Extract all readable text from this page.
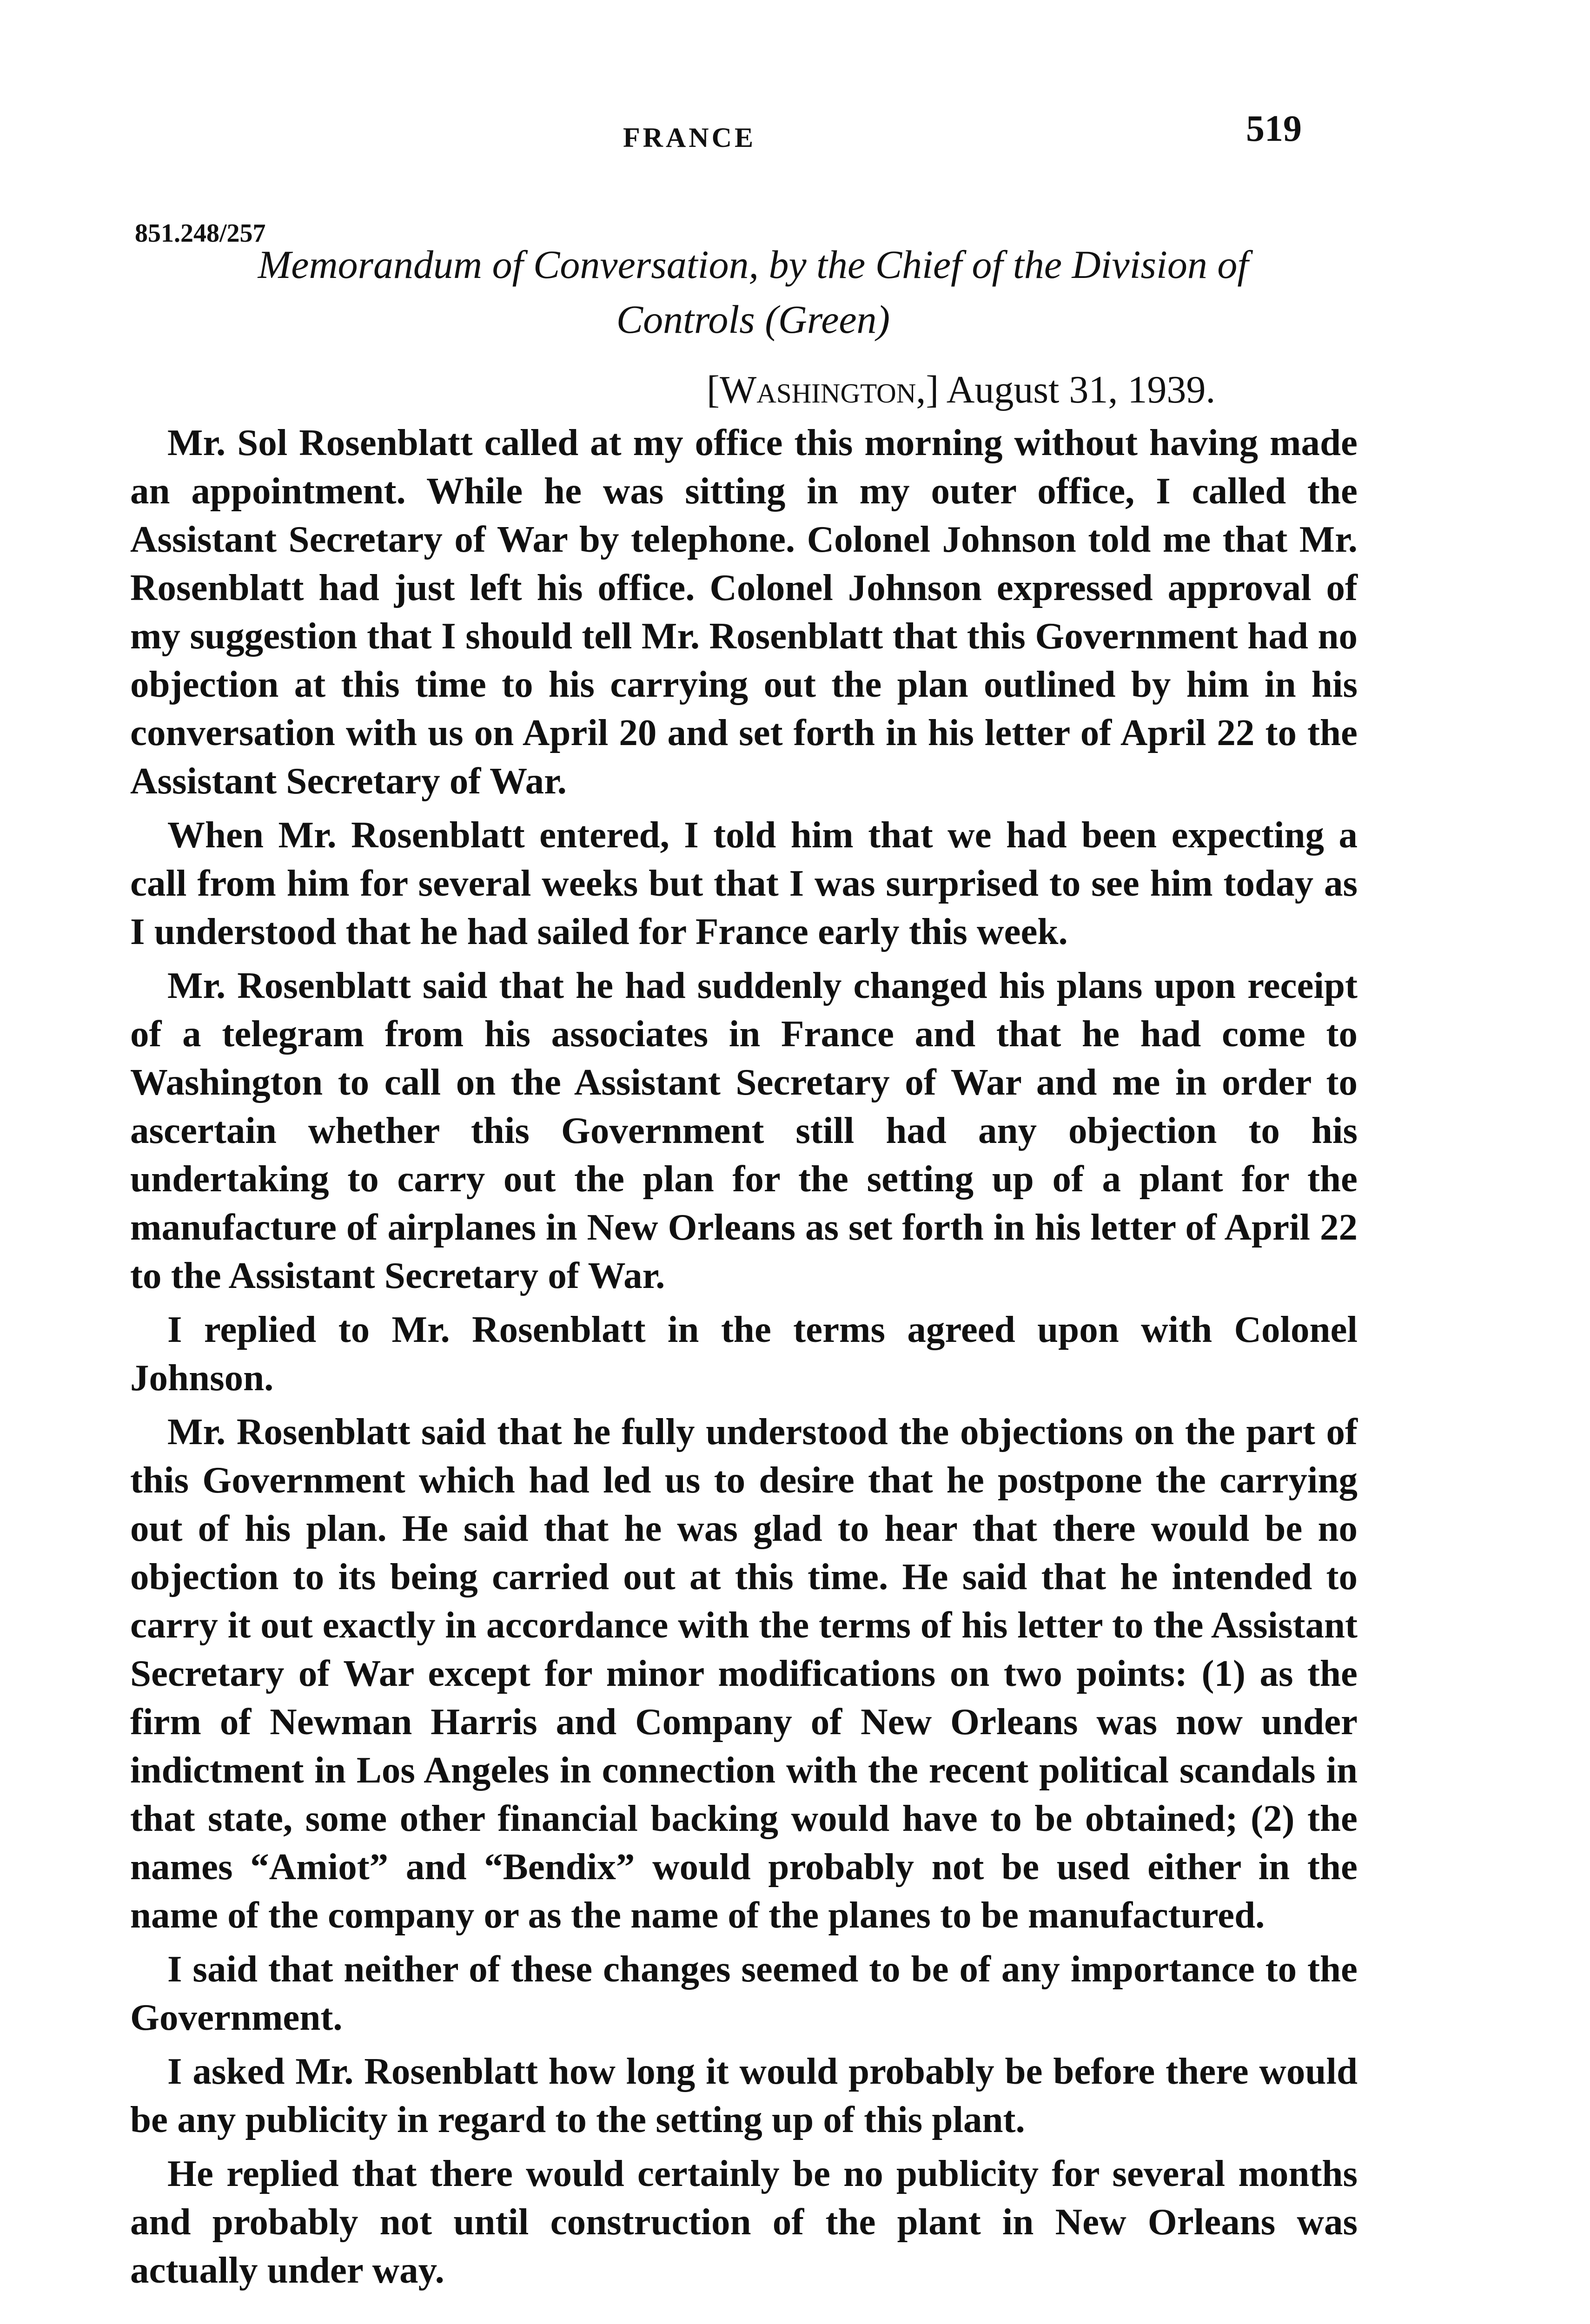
FRANCE	519
851.248/257
Memorandum of Conversation, by the Chief of the Division of
Controls (Green)
[Washington,] August 31, 1939.

Mr. Sol Rosenblatt called at my office this morning without having made an appointment. While he was sitting in my outer office, I called the Assistant Secretary of War by telephone. Colonel Johnson told me that Mr. Rosenblatt had just left his office. Colonel Johnson expressed approval of my suggestion that I should tell Mr. Rosenblatt that this Government had no objection at this time to his carrying out the plan outlined by him in his conversation with us on April 20 and set forth in his letter of April 22 to the Assistant Secretary of War.

When Mr. Rosenblatt entered, I told him that we had been expecting a call from him for several weeks but that I was surprised to see him today as I understood that he had sailed for France early this week.

Mr. Rosenblatt said that he had suddenly changed his plans upon receipt of a telegram from his associates in France and that he had come to Washington to call on the Assistant Secretary of War and me in order to ascertain whether this Government still had any objection to his undertaking to carry out the plan for the setting up of a plant for the manufacture of airplanes in New Orleans as set forth in his letter of April 22 to the Assistant Secretary of War.

I replied to Mr. Rosenblatt in the terms agreed upon with Colonel Johnson.

Mr. Rosenblatt said that he fully understood the objections on the part of this Government which had led us to desire that he postpone the carrying out of his plan. He said that he was glad to hear that there would be no objection to its being carried out at this time. He said that he intended to carry it out exactly in accordance with the terms of his letter to the Assistant Secretary of War except for minor modifications on two points: (1) as the firm of Newman Harris and Company of New Orleans was now under indictment in Los Angeles in connection with the recent political scandals in that state, some other financial backing would have to be obtained; (2) the names “Amiot” and “Bendix” would probably not be used either in the name of the company or as the name of the planes to be manufactured.

I said that neither of these changes seemed to be of any importance to the Government.

I asked Mr. Rosenblatt how long it would probably be before there would be any publicity in regard to the setting up of this plant.

He replied that there would certainly be no publicity for several months and probably not until construction of the plant in New Orleans was actually under way.
